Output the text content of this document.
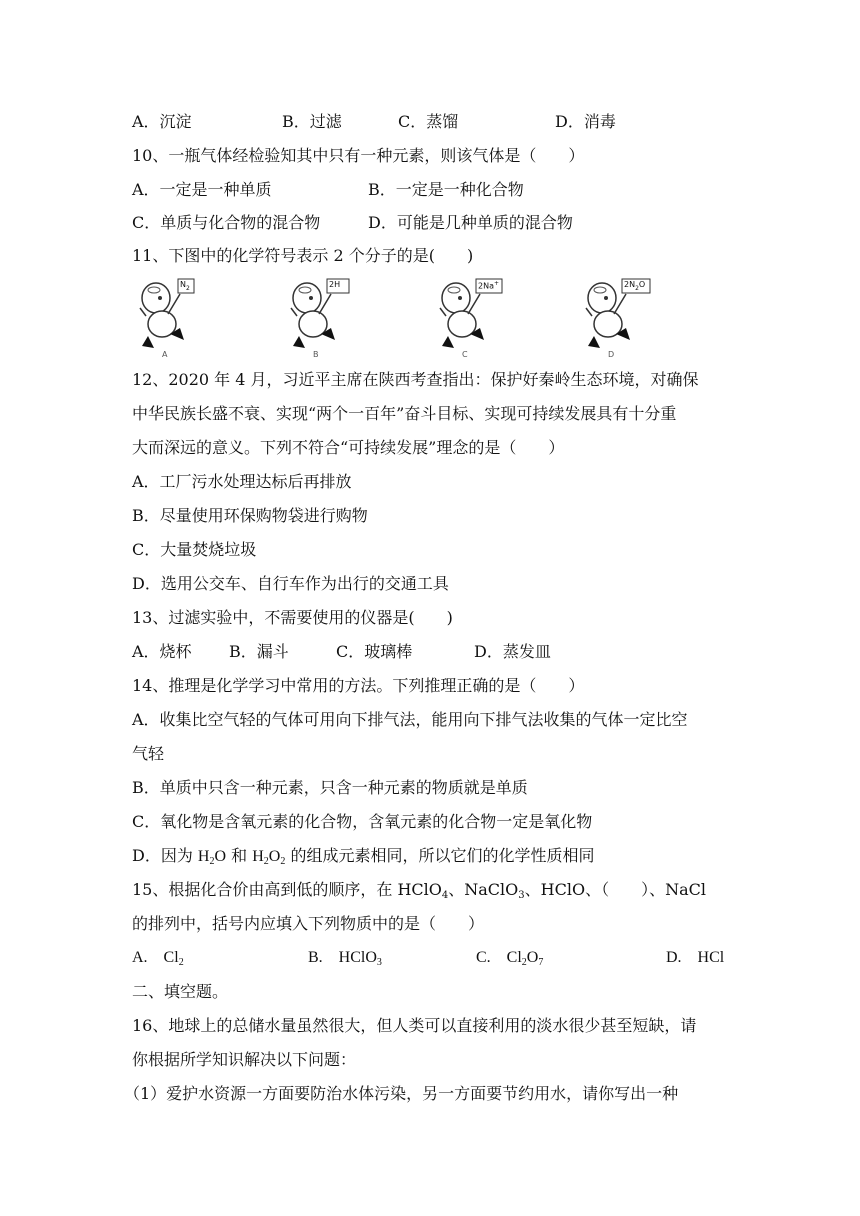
A．沉淀	B．过滤	C．蒸馏	D．消毒
10、一瓶气体经检验知其中只有一种元素，则该气体是（　　）
A．一定是一种单质	B．一定是一种化合物
C．单质与化合物的混合物	D．可能是几种单质的混合物
11、下图中的化学符号表示 2 个分子的是(　　)
$N_2$
A
2H
B
2Na+
C
$2N_2O$
D
12、2020 年 4 月，习近平主席在陕西考查指出：保护好秦岭生态环境，对确保
中华民族长盛不衰、实现“两个一百年”奋斗目标、实现可持续发展具有十分重
大而深远的意义。下列不符合“可持续发展”理念的是（　　）
A．工厂污水处理达标后再排放
B．尽量使用环保购物袋进行购物
C．大量焚烧垃圾
D．选用公交车、自行车作为出行的交通工具
13、过滤实验中，不需要使用的仪器是(　　)
A．烧杯 B．漏斗	C．玻璃棒	D．蒸发皿
14、推理是化学学习中常用的方法。下列推理正确的是（　　）
A．收集比空气轻的气体可用向下排气法，能用向下排气法收集的气体一定比空
气轻
B．单质中只含一种元素，只含一种元素的物质就是单质
C．氧化物是含氧元素的化合物，含氧元素的化合物一定是氧化物
D．因为 $H_2O$ 和 $H_2O_2$ 的组成元素相同，所以它们的化学性质相同
15、根据化合价由高到低的顺序，在 HClO$_4$、NaClO$_3$、HClO、（　　）、NaCl
的排列中，括号内应填入下列物质中的是（　　）
A.　$Cl_2$	B.　HClO$_3$	C.　$Cl_2O_7$	D.　HCl
二、填空题。
16、地球上的总储水量虽然很大，但人类可以直接利用的淡水很少甚至短缺，请
你根据所学知识解决以下问题：
（1）爱护水资源一方面要防治水体污染，另一方面要节约用水，请你写出一种
